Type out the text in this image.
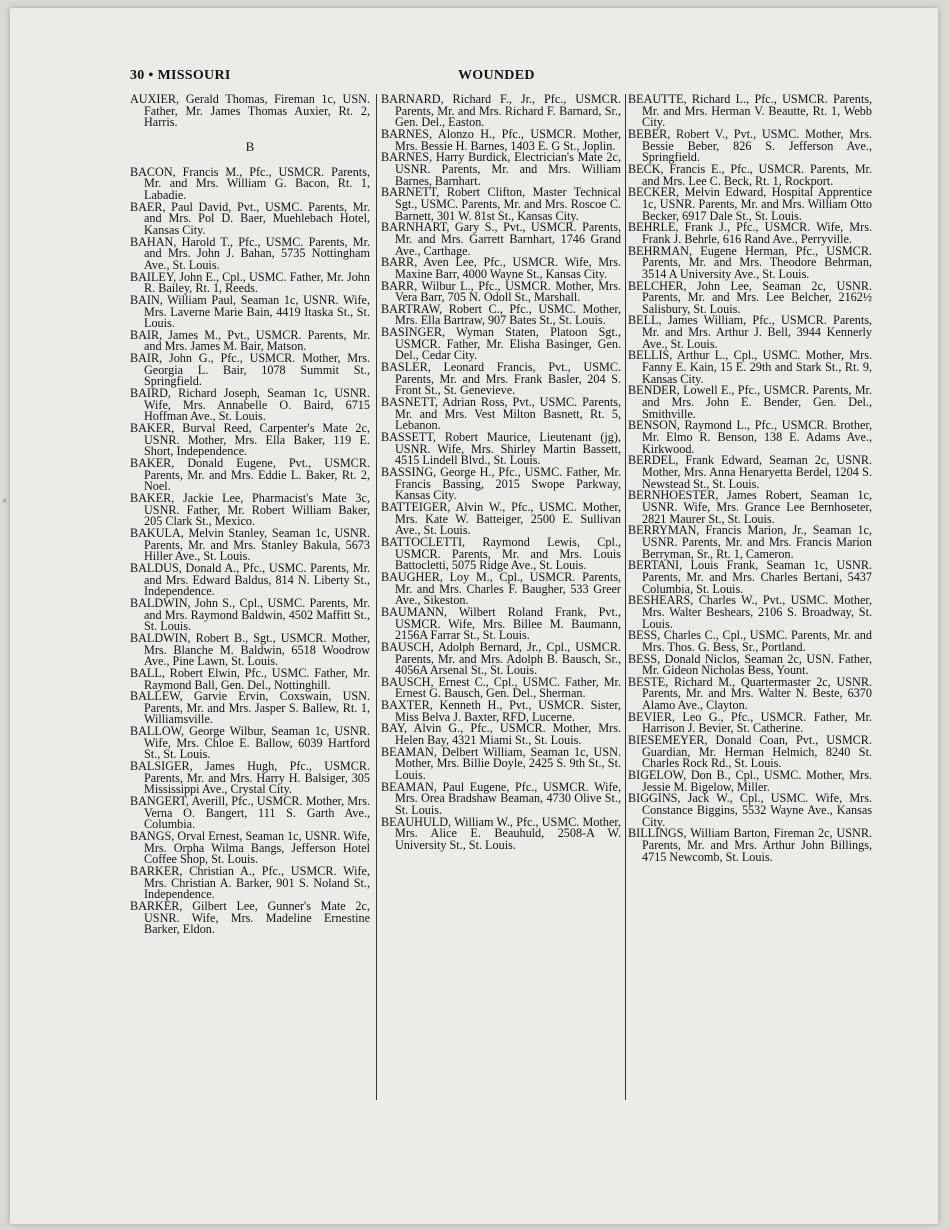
30 • MISSOURI	WOUNDED
×

AUXIER, Gerald Thomas, Fireman 1c, USN. Father, Mr. James Thomas Auxier, Rt. 2, Harris.

B

BACON, Francis M., Pfc., USMCR. Parents, Mr. and Mrs. William G. Bacon, Rt. 1, Labadie.

BAER, Paul David, Pvt., USMC. Parents, Mr. and Mrs. Pol D. Baer, Muehlebach Hotel, Kansas City.

BAHAN, Harold T., Pfc., USMC. Parents, Mr. and Mrs. John J. Bahan, 5735 Nottingham Ave., St. Louis.

BAILEY, John E., Cpl., USMC. Father, Mr. John R. Bailey, Rt. 1, Reeds.

BAIN, William Paul, Seaman 1c, USNR. Wife, Mrs. Laverne Marie Bain, 4419 Itaska St., St. Louis.

BAIR, James M., Pvt., USMCR. Parents, Mr. and Mrs. James M. Bair, Matson.

BAIR, John G., Pfc., USMCR. Mother, Mrs. Georgia L. Bair, 1078 Summit St., Springfield.

BAIRD, Richard Joseph, Seaman 1c, USNR. Wife, Mrs. Annabelle O. Baird, 6715 Hoffman Ave., St. Louis.

BAKER, Burval Reed, Carpenter's Mate 2c, USNR. Mother, Mrs. Ella Baker, 119 E. Short, Independence.

BAKER, Donald Eugene, Pvt., USMCR. Parents, Mr. and Mrs. Eddie L. Baker, Rt. 2, Noel.

BAKER, Jackie Lee, Pharmacist's Mate 3c, USNR. Father, Mr. Robert William Baker, 205 Clark St., Mexico.

BAKULA, Melvin Stanley, Seaman 1c, USNR. Parents, Mr. and Mrs. Stanley Bakula, 5673 Hiller Ave., St. Louis.

BALDUS, Donald A., Pfc., USMC. Parents, Mr. and Mrs. Edward Baldus, 814 N. Liberty St., Independence.

BALDWIN, John S., Cpl., USMC. Parents, Mr. and Mrs. Raymond Baldwin, 4502 Maffitt St., St. Louis.

BALDWIN, Robert B., Sgt., USMCR. Mother, Mrs. Blanche M. Baldwin, 6518 Woodrow Ave., Pine Lawn, St. Louis.

BALL, Robert Elwin, Pfc., USMC. Father, Mr. Raymond Ball, Gen. Del., Nottinghill.

BALLEW, Garvie Ervin, Coxswain, USN. Parents, Mr. and Mrs. Jasper S. Ballew, Rt. 1, Williamsville.

BALLOW, George Wilbur, Seaman 1c, USNR. Wife, Mrs. Chloe E. Ballow, 6039 Hartford St., St. Louis.

BALSIGER, James Hugh, Pfc., USMCR. Parents, Mr. and Mrs. Harry H. Balsiger, 305 Mississippi Ave., Crystal City.

BANGERT, Averill, Pfc., USMCR. Mother, Mrs. Verna O. Bangert, 111 S. Garth Ave., Columbia.

BANGS, Orval Ernest, Seaman 1c, USNR. Wife, Mrs. Orpha Wilma Bangs, Jefferson Hotel Coffee Shop, St. Louis.

BARKER, Christian A., Pfc., USMCR. Wife, Mrs. Christian A. Barker, 901 S. Noland St., Independence.

BARKER, Gilbert Lee, Gunner's Mate 2c, USNR. Wife, Mrs. Madeline Ernestine Barker, Eldon.

BARNARD, Richard F., Jr., Pfc., USMCR. Parents, Mr. and Mrs. Richard F. Barnard, Sr., Gen. Del., Easton.

BARNES, Alonzo H., Pfc., USMCR. Mother, Mrs. Bessie H. Barnes, 1403 E. G St., Joplin.

BARNES, Harry Burdick, Electrician's Mate 2c, USNR. Parents, Mr. and Mrs. William Barnes, Barnhart.

BARNETT, Robert Clifton, Master Technical Sgt., USMC. Parents, Mr. and Mrs. Roscoe C. Barnett, 301 W. 81st St., Kansas City.

BARNHART, Gary S., Pvt., USMCR. Parents, Mr. and Mrs. Garrett Barnhart, 1746 Grand Ave., Carthage.

BARR, Aven Lee, Pfc., USMCR. Wife, Mrs. Maxine Barr, 4000 Wayne St., Kansas City.

BARR, Wilbur L., Pfc., USMCR. Mother, Mrs. Vera Barr, 705 N. Odoll St., Marshall.

BARTRAW, Robert C., Pfc., USMC. Mother, Mrs. Ella Bartraw, 907 Bates St., St. Louis.

BASINGER, Wyman Staten, Platoon Sgt., USMCR. Father, Mr. Elisha Basinger, Gen. Del., Cedar City.

BASLER, Leonard Francis, Pvt., USMC. Parents, Mr. and Mrs. Frank Basler, 204 S. Front St., St. Genevieve.

BASNETT, Adrian Ross, Pvt., USMC. Parents, Mr. and Mrs. Vest Milton Basnett, Rt. 5, Lebanon.

BASSETT, Robert Maurice, Lieutenant (jg), USNR. Wife, Mrs. Shirley Martin Bassett, 4515 Lindell Blvd., St. Louis.

BASSING, George H., Pfc., USMC. Father, Mr. Francis Bassing, 2015 Swope Parkway, Kansas City.

BATTEIGER, Alvin W., Pfc., USMC. Mother, Mrs. Kate W. Batteiger, 2500 E. Sullivan Ave., St. Louis.

BATTOCLETTI, Raymond Lewis, Cpl., USMCR. Parents, Mr. and Mrs. Louis Battocletti, 5075 Ridge Ave., St. Louis.

BAUGHER, Loy M., Cpl., USMCR. Parents, Mr. and Mrs. Charles F. Baugher, 533 Greer Ave., Sikeston.

BAUMANN, Wilbert Roland Frank, Pvt., USMCR. Wife, Mrs. Billee M. Baumann, 2156A Farrar St., St. Louis.

BAUSCH, Adolph Bernard, Jr., Cpl., USMCR. Parents, Mr. and Mrs. Adolph B. Bausch, Sr., 4056A Arsenal St., St. Louis.

BAUSCH, Ernest C., Cpl., USMC. Father, Mr. Ernest G. Bausch, Gen. Del., Sherman.

BAXTER, Kenneth H., Pvt., USMCR. Sister, Miss Belva J. Baxter, RFD, Lucerne.

BAY, Alvin G., Pfc., USMCR. Mother, Mrs. Helen Bay, 4321 Miami St., St. Louis.

BEAMAN, Delbert William, Seaman 1c, USN. Mother, Mrs. Billie Doyle, 2425 S. 9th St., St. Louis.

BEAMAN, Paul Eugene, Pfc., USMCR. Wife, Mrs. Orea Bradshaw Beaman, 4730 Olive St., St. Louis.

BEAUHULD, William W., Pfc., USMC. Mother, Mrs. Alice E. Beauhuld, 2508-A W. University St., St. Louis.

BEAUTTE, Richard L., Pfc., USMCR. Parents, Mr. and Mrs. Herman V. Beautte, Rt. 1, Webb City.

BEBER, Robert V., Pvt., USMC. Mother, Mrs. Bessie Beber, 826 S. Jefferson Ave., Springfield.

BECK, Francis E., Pfc., USMCR. Parents, Mr. and Mrs. Lee C. Beck, Rt. 1, Rockport.

BECKER, Melvin Edward, Hospital Apprentice 1c, USNR. Parents, Mr. and Mrs. William Otto Becker, 6917 Dale St., St. Louis.

BEHRLE, Frank J., Pfc., USMCR. Wife, Mrs. Frank J. Behrle, 616 Rand Ave., Perryville.

BEHRMAN, Eugene Herman, Pfc., USMCR. Parents, Mr. and Mrs. Theodore Behrman, 3514 A University Ave., St. Louis.

BELCHER, John Lee, Seaman 2c, USNR. Parents, Mr. and Mrs. Lee Belcher, 2162½ Salisbury, St. Louis.

BELL, James William, Pfc., USMCR. Parents, Mr. and Mrs. Arthur J. Bell, 3944 Kennerly Ave., St. Louis.

BELLIS, Arthur L., Cpl., USMC. Mother, Mrs. Fanny E. Kain, 15 E. 29th and Stark St., Rt. 9, Kansas City.

BENDER, Lowell E., Pfc., USMCR. Parents, Mr. and Mrs. John E. Bender, Gen. Del., Smithville.

BENSON, Raymond L., Pfc., USMCR. Brother, Mr. Elmo R. Benson, 138 E. Adams Ave., Kirkwood.

BERDEL, Frank Edward, Seaman 2c, USNR. Mother, Mrs. Anna Henaryetta Berdel, 1204 S. Newstead St., St. Louis.

BERNHOESTER, James Robert, Seaman 1c, USNR. Wife, Mrs. Grance Lee Bernhoseter, 2821 Maurer St., St. Louis.

BERRYMAN, Francis Marion, Jr., Seaman 1c, USNR. Parents, Mr. and Mrs. Francis Marion Berryman, Sr., Rt. 1, Cameron.

BERTANI, Louis Frank, Seaman 1c, USNR. Parents, Mr. and Mrs. Charles Bertani, 5437 Columbia, St. Louis.

BESHEARS, Charles W., Pvt., USMC. Mother, Mrs. Walter Beshears, 2106 S. Broadway, St. Louis.

BESS, Charles C., Cpl., USMC. Parents, Mr. and Mrs. Thos. G. Bess, Sr., Portland.

BESS, Donald Niclos, Seaman 2c, USN. Father, Mr. Gideon Nicholas Bess, Yount.

BESTE, Richard M., Quartermaster 2c, USNR. Parents, Mr. and Mrs. Walter N. Beste, 6370 Alamo Ave., Clayton.

BEVIER, Leo G., Pfc., USMCR. Father, Mr. Harrison J. Bevier, St. Catherine.

BIESEMEYER, Donald Coan, Pvt., USMCR. Guardian, Mr. Herman Helmich, 8240 St. Charles Rock Rd., St. Louis.

BIGELOW, Don B., Cpl., USMC. Mother, Mrs. Jessie M. Bigelow, Miller.

BIGGINS, Jack W., Cpl., USMC. Wife, Mrs. Constance Biggins, 5532 Wayne Ave., Kansas City.

BILLINGS, William Barton, Fireman 2c, USNR. Parents, Mr. and Mrs. Arthur John Billings, 4715 Newcomb, St. Louis.
